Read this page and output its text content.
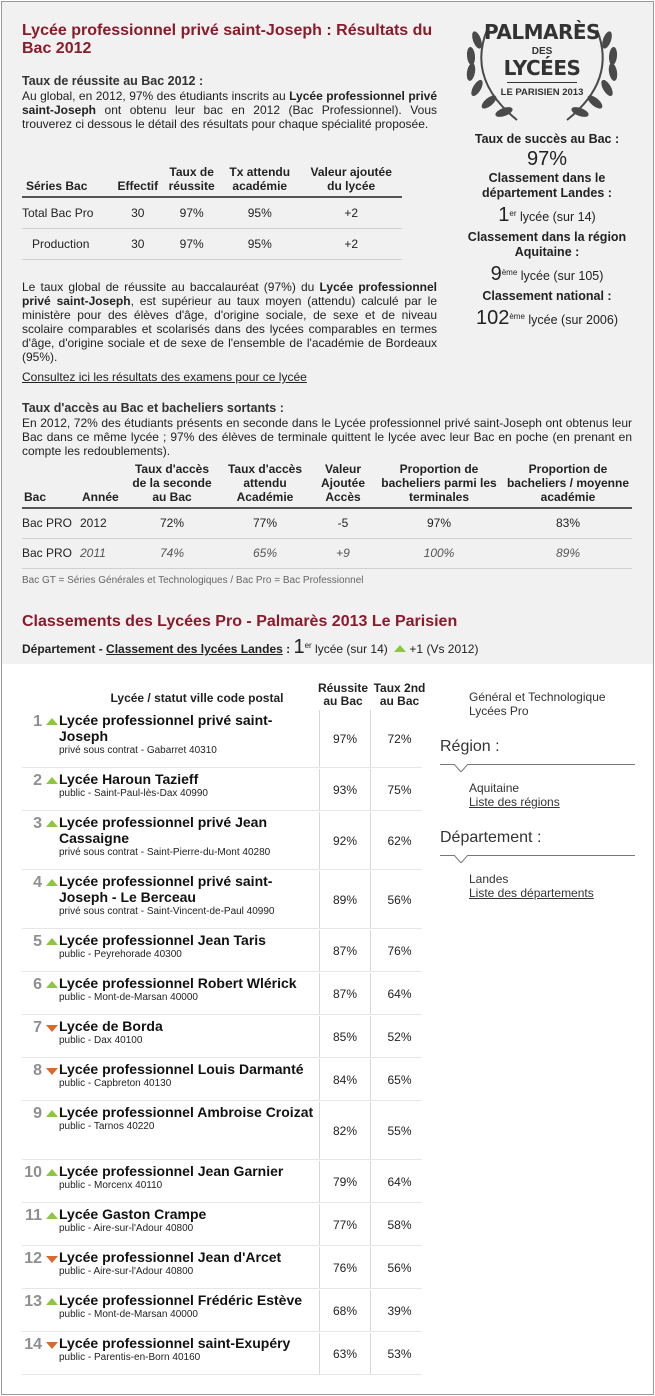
Lycée professionnel privé saint-Joseph : Résultats du Bac 2012
PALMARÈS
DES
LYCÉES
LE PARISIEN 2013
Taux de succès au Bac :
97%
Classement dans le département Landes :
1er lycée (sur 14)
Classement dans la région Aquitaine :
9ème lycée (sur 105)
Classement national :
102ème lycée (sur 2006)
Taux de réussite au Bac 2012 :
Au global, en 2012, 97% des étudiants inscrits au Lycée professionnel privé saint-Joseph ont obtenu leur bac en 2012 (Bac Professionnel). Vous trouverez ci dessous le détail des résultats pour chaque spécialité proposée.
Séries Bac	Effectif	Taux de réussite	Tx attendu académie	Valeur ajoutée du lycée
Total Bac Pro	30	97%	95%	+2
Production	30	97%	95%	+2
Le taux global de réussite au baccalauréat (97%) du Lycée professionnel privé saint-Joseph, est supérieur au taux moyen (attendu) calculé par le ministère pour des élèves d'âge, d'origine sociale, de sexe et de niveau scolaire comparables et scolarisés dans des lycées comparables en termes d'âge, d'origine sociale et de sexe de l'ensemble de l'académie de Bordeaux (95%).
Consultez ici les résultats des examens pour ce lycée
Taux d'accès au Bac et bacheliers sortants :
En 2012, 72% des étudiants présents en seconde dans le Lycée professionnel privé saint-Joseph ont obtenus leur Bac dans ce même lycée ; 97% des élèves de terminale quittent le lycée avec leur Bac en poche (en prenant en compte les redoublements).
Bac	Année	Taux d'accès de la seconde au Bac	Taux d'accès attendu Académie	Valeur Ajoutée Accès	Proportion de bacheliers parmi les terminales	Proportion de bacheliers / moyenne académie
Bac PRO	2012	72%	77%	-5	97%	83%
Bac PRO	2011	74%	65%	+9	100%	89%
Bac GT = Séries Générales et Technologiques / Bac Pro = Bac Professionnel
Classements des Lycées Pro - Palmarès 2013 Le Parisien
Département - Classement des lycées Landes : 1er lycée (sur 14)  +1 (Vs 2012)
Lycée / statut ville code postal
Réussite au Bac
Taux 2nd au Bac
1 Lycée professionnel privé saint-Joseph
privé sous contrat - Gabarret 40310
97%	72%
2 Lycée Haroun Tazieff
public - Saint-Paul-lès-Dax 40990	93%	75%
3 Lycée professionnel privé Jean Cassaigne
privé sous contrat - Saint-Pierre-du-Mont 40280
92%	62%
4 Lycée professionnel privé saint-Joseph - Le Berceau
privé sous contrat - Saint-Vincent-de-Paul 40990
89%	56%
5 Lycée professionnel Jean Taris
public - Peyrehorade 40300	87%	76%
6 Lycée professionnel Robert Wlérick
public - Mont-de-Marsan 40000	87%	64%
7 Lycée de Borda
public - Dax 40100	85%	52%
8 Lycée professionnel Louis Darmanté
public - Capbreton 40130	84%	65%
9 Lycée professionnel Ambroise Croizat
public - Tarnos 40220	82%	55%
10 Lycée professionnel Jean Garnier
public - Morcenx 40110	79%	64%
11 Lycée Gaston Crampe
public - Aire-sur-l'Adour 40800	77%	58%
12 Lycée professionnel Jean d'Arcet
public - Aire-sur-l'Adour 40800	76%	56%
13 Lycée professionnel Frédéric Estève
public - Mont-de-Marsan 40000	68%	39%
14 Lycée professionnel saint-Exupéry
public - Parentis-en-Born 40160	63%	53%
Général et Technologique
Lycées Pro
Région :
Aquitaine
Liste des régions
Département :
Landes
Liste des départements
